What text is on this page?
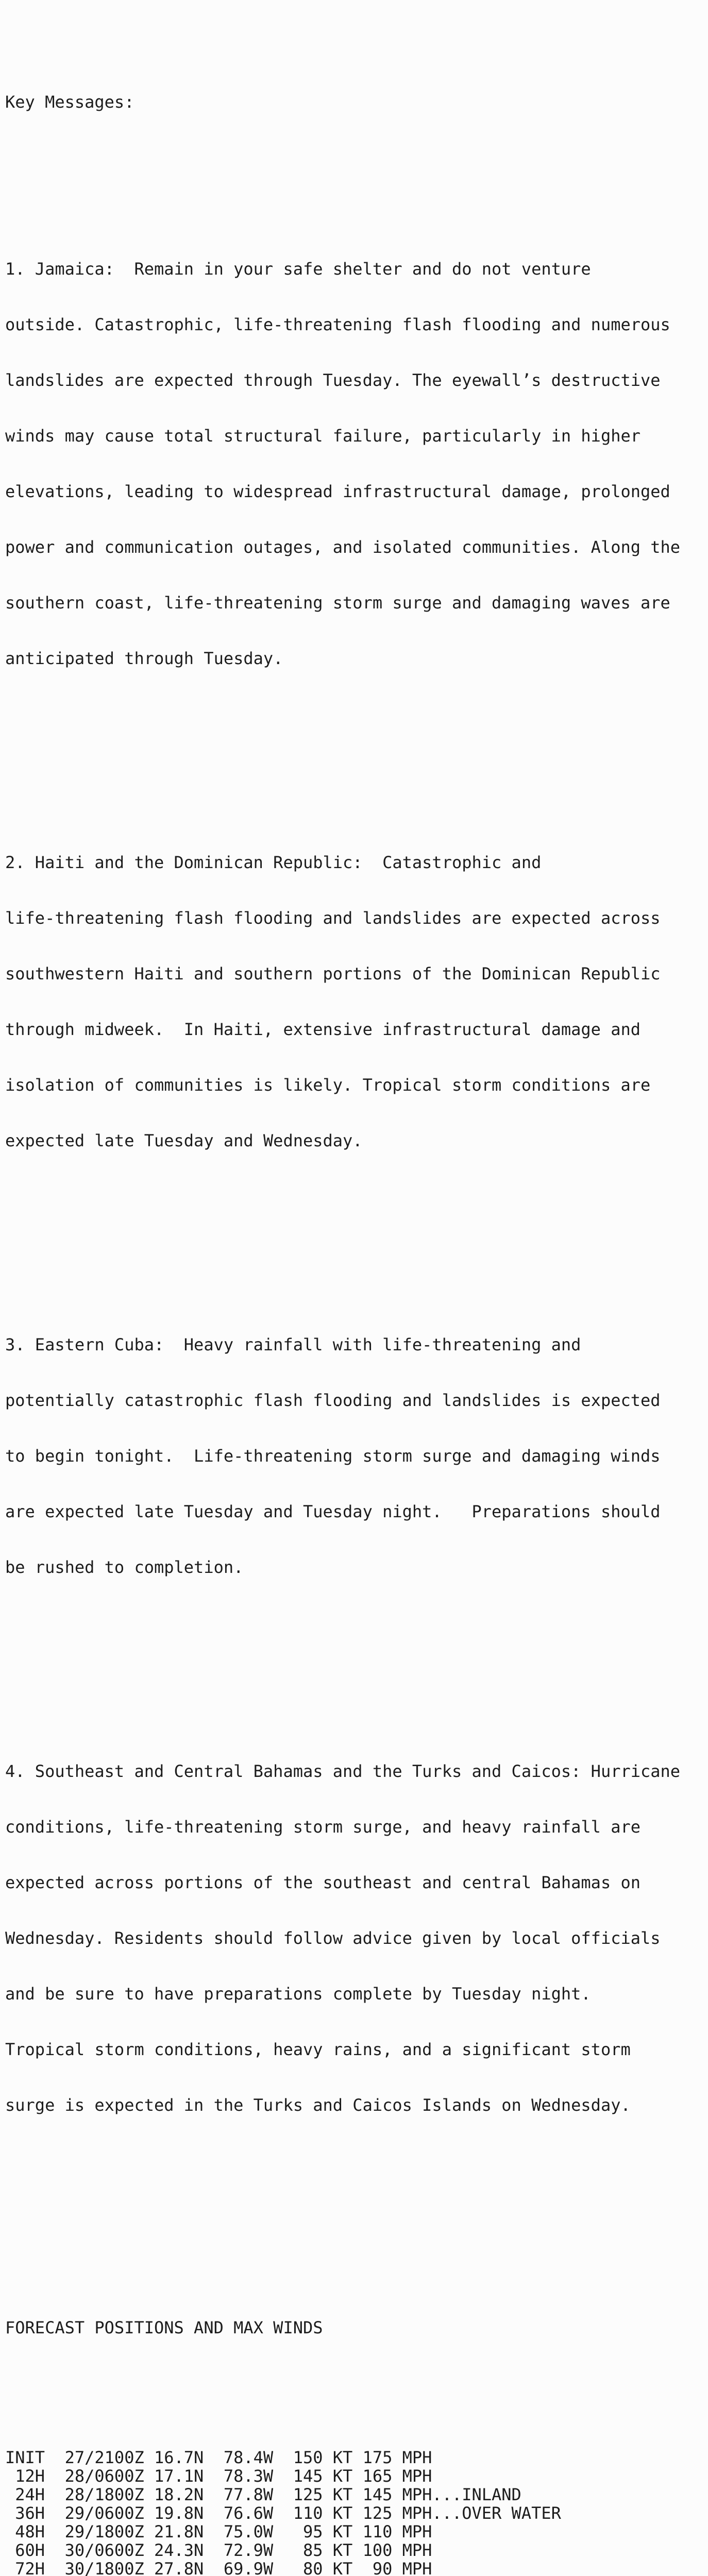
Key Messages:

1. Jamaica:  Remain in your safe shelter and do not venture

outside. Catastrophic, life-threatening flash flooding and numerous

landslides are expected through Tuesday. The eyewall’s destructive

winds may cause total structural failure, particularly in higher

elevations, leading to widespread infrastructural damage, prolonged

power and communication outages, and isolated communities. Along the

southern coast, life-threatening storm surge and damaging waves are

anticipated through Tuesday.

2. Haiti and the Dominican Republic:  Catastrophic and

life-threatening flash flooding and landslides are expected across

southwestern Haiti and southern portions of the Dominican Republic

through midweek.  In Haiti, extensive infrastructural damage and

isolation of communities is likely. Tropical storm conditions are

expected late Tuesday and Wednesday.

3. Eastern Cuba:  Heavy rainfall with life-threatening and

potentially catastrophic flash flooding and landslides is expected

to begin tonight.  Life-threatening storm surge and damaging winds

are expected late Tuesday and Tuesday night.   Preparations should

be rushed to completion.

4. Southeast and Central Bahamas and the Turks and Caicos: Hurricane

conditions, life-threatening storm surge, and heavy rainfall are

expected across portions of the southeast and central Bahamas on

Wednesday. Residents should follow advice given by local officials

and be sure to have preparations complete by Tuesday night.

Tropical storm conditions, heavy rains, and a significant storm

surge is expected in the Turks and Caicos Islands on Wednesday.

FORECAST POSITIONS AND MAX WINDS

INIT  27/2100Z 16.7N  78.4W  150 KT 175 MPH
12H  28/0600Z 17.1N  78.3W  145 KT 165 MPH
24H  28/1800Z 18.2N  77.8W  125 KT 145 MPH...INLAND
36H  29/0600Z 19.8N  76.6W  110 KT 125 MPH...OVER WATER
48H  29/1800Z 21.8N  75.0W   95 KT 110 MPH
60H  30/0600Z 24.3N  72.9W   85 KT 100 MPH
72H  30/1800Z 27.8N  69.9W   80 KT  90 MPH
